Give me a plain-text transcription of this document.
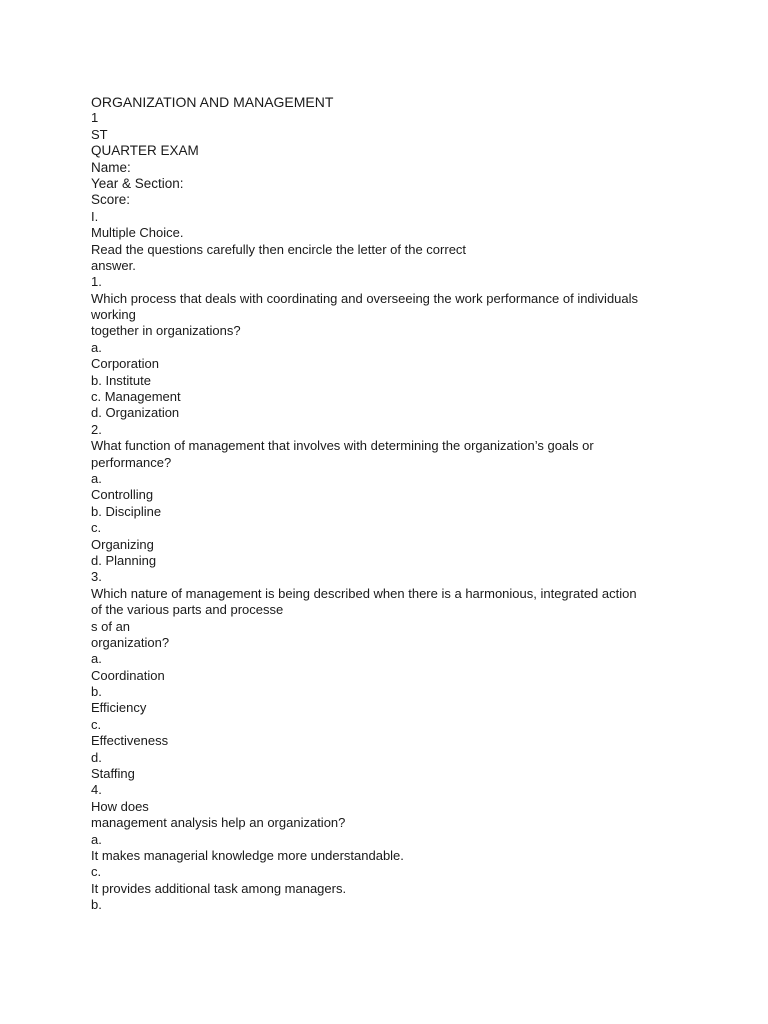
ORGANIZATION AND MANAGEMENT
1
ST
QUARTER EXAM
Name:
Year & Section:
Score:
I.
Multiple Choice.
Read the questions carefully then encircle the letter of the correct
answer.
1.
Which process that deals with coordinating and overseeing the work performance of individuals
working
together in organizations?
a.
Corporation
b. Institute
c. Management
d. Organization
2.
What function of management that involves with determining the organization’s goals or
performance?
a.
Controlling
b. Discipline
c.
Organizing
d. Planning
3.
Which nature of management is being described when there is a harmonious, integrated action
of the various parts and processe
s of an
organization?
a.
Coordination
b.
Efficiency
c.
Effectiveness
d.
Staffing
4.
How does
management analysis help an organization?
a.
It makes managerial knowledge more understandable.
c.
It provides additional task among managers.
b.
